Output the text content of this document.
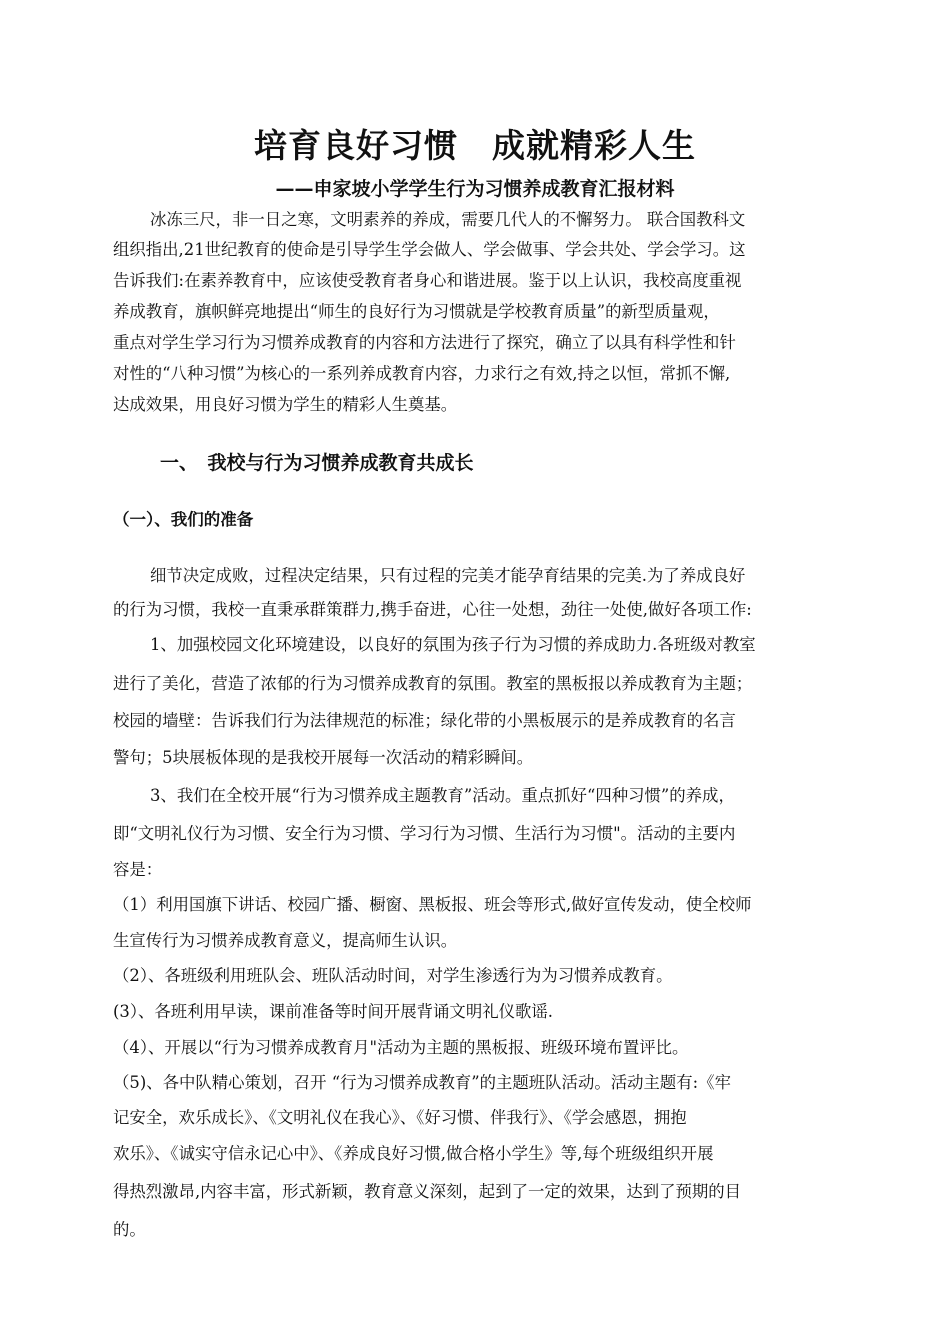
培育良好习惯　成就精彩人生
——申家坡小学学生行为习惯养成教育汇报材料

冰冻三尺，非一日之寒，文明素养的养成，需要几代人的不懈努力。 联合国教科文

组织指出,21世纪教育的使命是引导学生学会做人、学会做事、学会共处、学会学习。这

告诉我们:在素养教育中，应该使受教育者身心和谐进展。鉴于以上认识，我校高度重视

养成教育，旗帜鲜亮地提出“师生的良好行为习惯就是学校教育质量”的新型质量观，

重点对学生学习行为习惯养成教育的内容和方法进行了探究，确立了以具有科学性和针

对性的“八种习惯”为核心的一系列养成教育内容，力求行之有效,持之以恒，常抓不懈,

达成效果，用良好习惯为学生的精彩人生奠基。

一、　我校与行为习惯养成教育共成长
（一）、我们的准备

细节决定成败，过程决定结果，只有过程的完美才能孕育结果的完美.为了养成良好

的行为习惯，我校一直秉承群策群力,携手奋进，心往一处想，劲往一处使,做好各项工作:

1、加强校园文化环境建设，以良好的氛围为孩子行为习惯的养成助力.各班级对教室

进行了美化，营造了浓郁的行为习惯养成教育的氛围。教室的黑板报以养成教育为主题；

校园的墙壁：告诉我们行为法律规范的标准；绿化带的小黑板展示的是养成教育的名言

警句；5块展板体现的是我校开展每一次活动的精彩瞬间。

3、我们在全校开展“行为习惯养成主题教育”活动。重点抓好“四种习惯”的养成，

即“文明礼仪行为习惯、安全行为习惯、学习行为习惯、生活行为习惯"。活动的主要内

容是：

（1）利用国旗下讲话、校园广播、橱窗、黑板报、班会等形式,做好宣传发动，使全校师

生宣传行为习惯养成教育意义，提高师生认识。

（2）、各班级利用班队会、班队活动时间，对学生渗透行为为习惯养成教育。

(3）、各班利用早读，课前准备等时间开展背诵文明礼仪歌谣.

（4）、开展以“行为习惯养成教育月"活动为主题的黑板报、班级环境布置评比。

（5)、各中队精心策划，召开 “行为习惯养成教育”的主题班队活动。活动主题有:《牢

记安全，欢乐成长》、《文明礼仪在我心》、《好习惯、伴我行》、《学会感恩，拥抱

欢乐》、《诚实守信永记心中》、《养成良好习惯,做合格小学生》等,每个班级组织开展

得热烈激昂,内容丰富，形式新颖，教育意义深刻，起到了一定的效果，达到了预期的目

的。
